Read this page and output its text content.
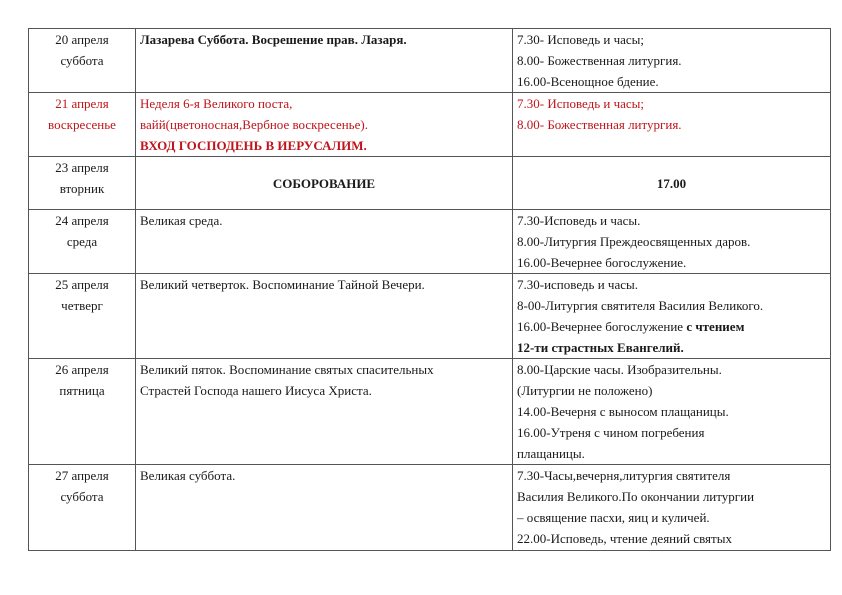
20 апреля
суббота	Лазарева Суббота. Восрешение прав. Лазаря.	7.30- Исповедь и часы;
8.00- Божественная литургия.
16.00-Всенощное бдение.

21 апреля
воскресенье	Неделя 6-я Великого поста,
вайй(цветоносная,Вербное воскресенье).
ВХОД ГОСПОДЕНЬ В ИЕРУСАЛИМ.	7.30- Исповедь и часы;
8.00- Божественная литургия.

23 апреля
вторник	СОБОРОВАНИЕ	17.00

24 апреля
среда	Великая среда.	7.30-Исповедь и часы.
8.00-Литургия Преждеосвященных даров.
16.00-Вечернее богослужение.

25 апреля
четверг	Великий четверток. Воспоминание Тайной Вечери.	7.30-исповедь и часы.
8-00-Литургия святителя Василия Великого.
16.00-Вечернее богослужение с чтением
12-ти страстных Евангелий.

26 апреля
пятница	Великий пяток. Воспоминание святых спасительных
Страстей Господа нашего Иисуса Христа.	8.00-Царские часы. Изобразительны.
(Литургии не положено)
14.00-Вечерня с выносом плащаницы.
16.00-Утреня с чином погребения
плащаницы.

27 апреля
суббота	Великая суббота.	7.30-Часы,вечерня,литургия святителя
Василия Великого.По окончании литургии
– освящение пасхи, яиц и куличей.
22.00-Исповедь, чтение деяний святых
